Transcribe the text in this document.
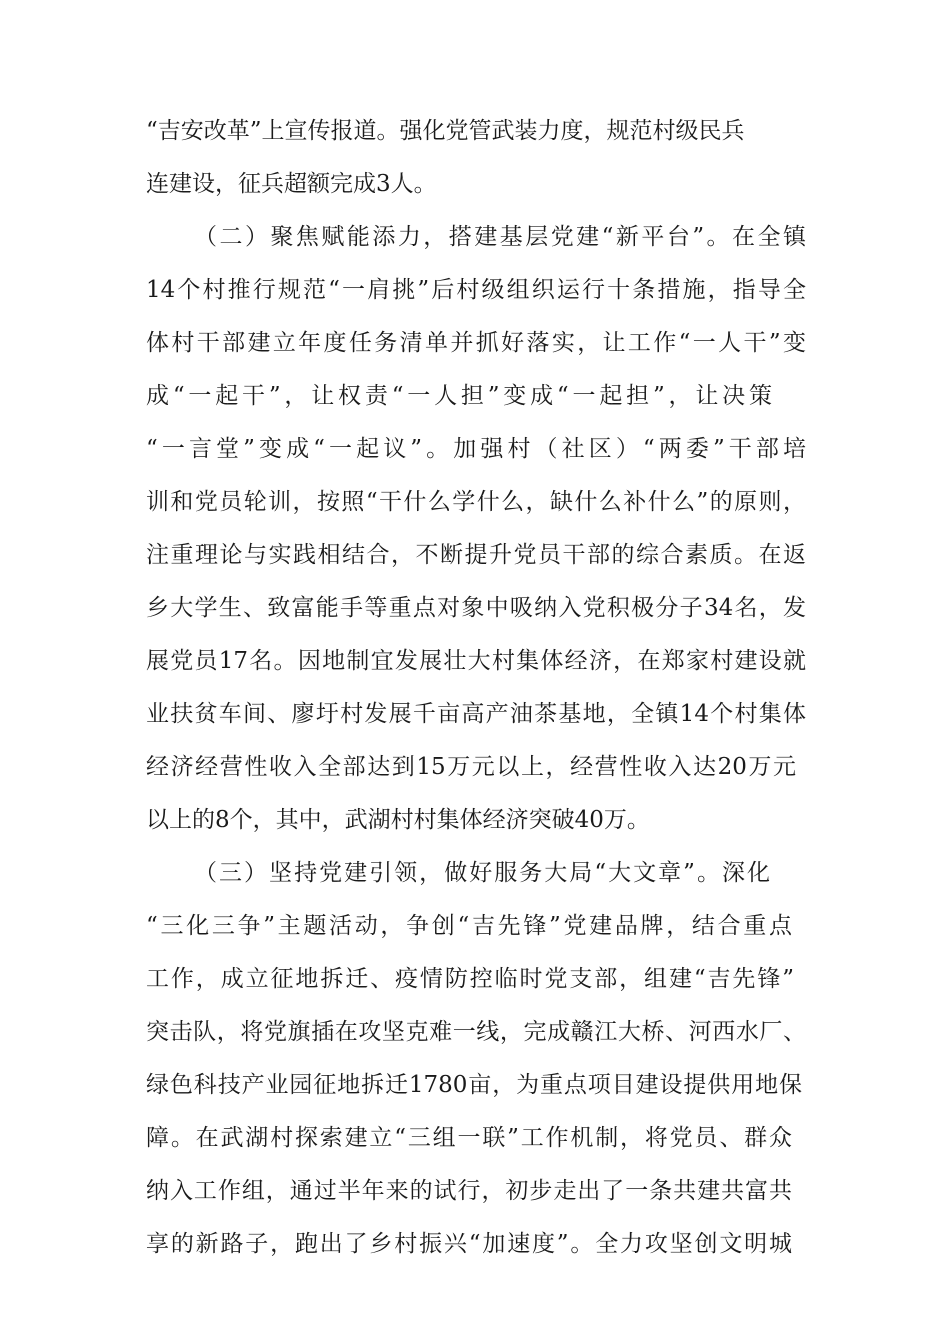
“吉安改革”上宣传报道。强化党管武装力度，规范村级民兵
连建设，征兵超额完成3人。
（二）聚焦赋能添力，搭建基层党建“新平台”。在全镇
14个村推行规范“一肩挑”后村级组织运行十条措施，指导全
体村干部建立年度任务清单并抓好落实，让工作“一人干”变
成“一起干”，让权责“一人担”变成“一起担”，让决策
“一言堂”变成“一起议”。加强村（社区）“两委”干部培
训和党员轮训，按照“干什么学什么，缺什么补什么”的原则，
注重理论与实践相结合，不断提升党员干部的综合素质。在返
乡大学生、致富能手等重点对象中吸纳入党积极分子34名，发
展党员17名。因地制宜发展壮大村集体经济，在郑家村建设就
业扶贫车间、廖圩村发展千亩高产油茶基地，全镇14个村集体
经济经营性收入全部达到15万元以上，经营性收入达20万元
以上的8个，其中，武湖村村集体经济突破40万。
（三）坚持党建引领，做好服务大局“大文章”。深化
“三化三争”主题活动，争创“吉先锋”党建品牌，结合重点
工作，成立征地拆迁、疫情防控临时党支部，组建“吉先锋”
突击队，将党旗插在攻坚克难一线，完成赣江大桥、河西水厂、
绿色科技产业园征地拆迁1780亩，为重点项目建设提供用地保
障。在武湖村探索建立“三组一联”工作机制，将党员、群众
纳入工作组，通过半年来的试行，初步走出了一条共建共富共
享的新路子，跑出了乡村振兴“加速度”。全力攻坚创文明城
